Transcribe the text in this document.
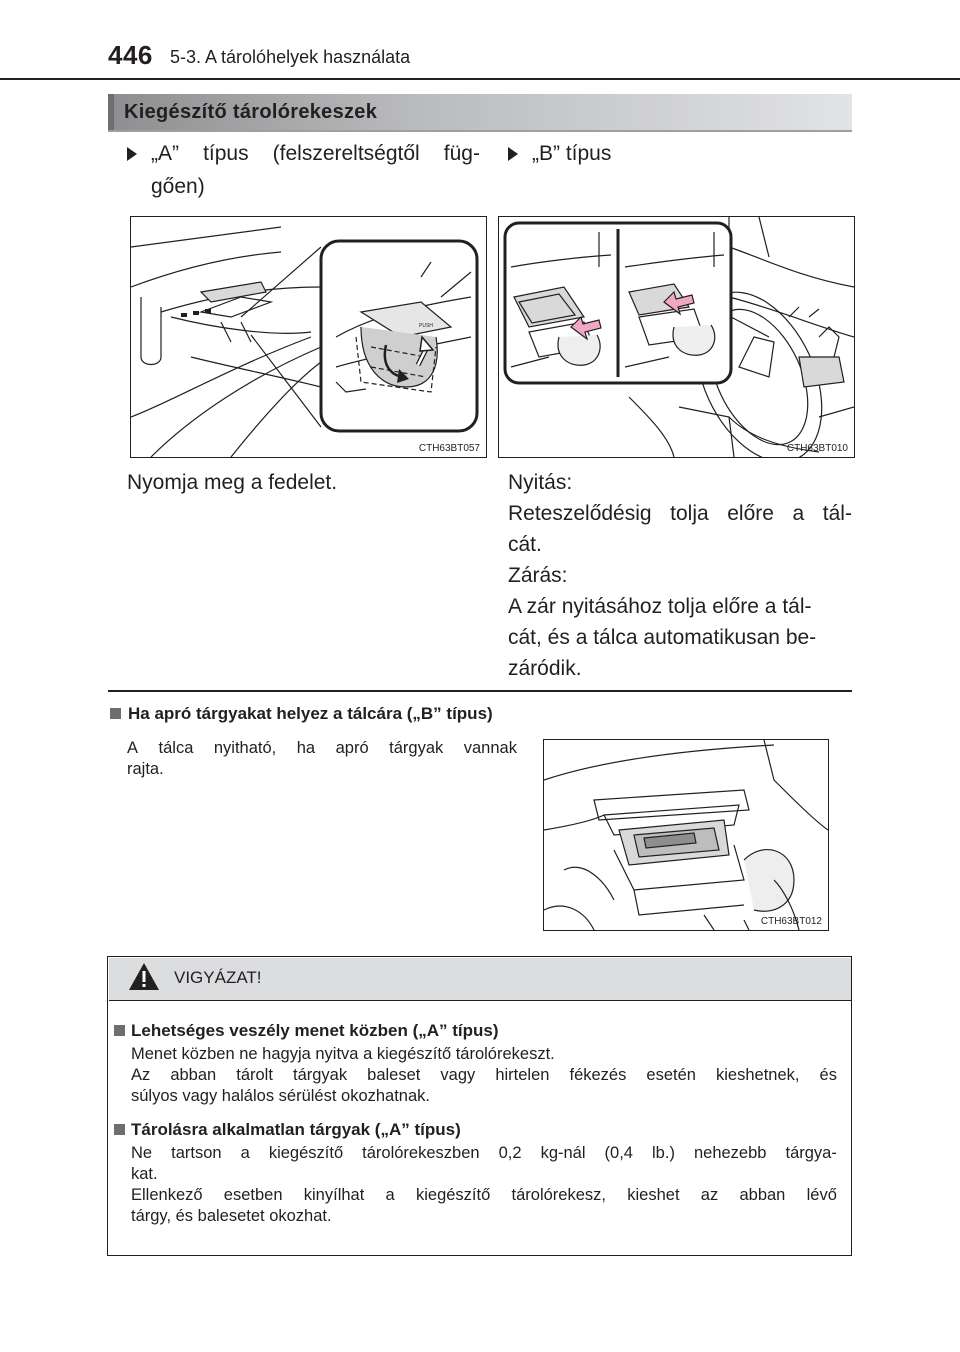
446 5-3. A tárolóhelyek használata
Kiegészítő tárolórekeszek
„A” típus (felszereltségtől füg-
gően)
„B” típus
PUSH
CTH63BT057	CTH63BT010
Nyomja meg a fedelet.	Nyitás:
Reteszelődésig tolja előre a tál-
cát.
Zárás:
A zár nyitásához tolja előre a tál-
cát, és a tálca automatikusan be-
záródik.
Ha apró tárgyakat helyez a tálcára („B” típus)
A tálca nyitható, ha apró tárgyak vannak
rajta.
CTH63BT012
VIGYÁZAT!
Lehetséges veszély menet közben („A” típus)
Menet közben ne hagyja nyitva a kiegészítő tárolórekeszt.
Az abban tárolt tárgyak baleset vagy hirtelen fékezés esetén kieshetnek, és
súlyos vagy halálos sérülést okozhatnak.
Tárolásra alkalmatlan tárgyak („A” típus)
Ne tartson a kiegészítő tárolórekeszben 0,2 kg-nál (0,4 lb.) nehezebb tárgya-
kat.
Ellenkező esetben kinyílhat a kiegészítő tárolórekesz, kieshet az abban lévő
tárgy, és balesetet okozhat.
